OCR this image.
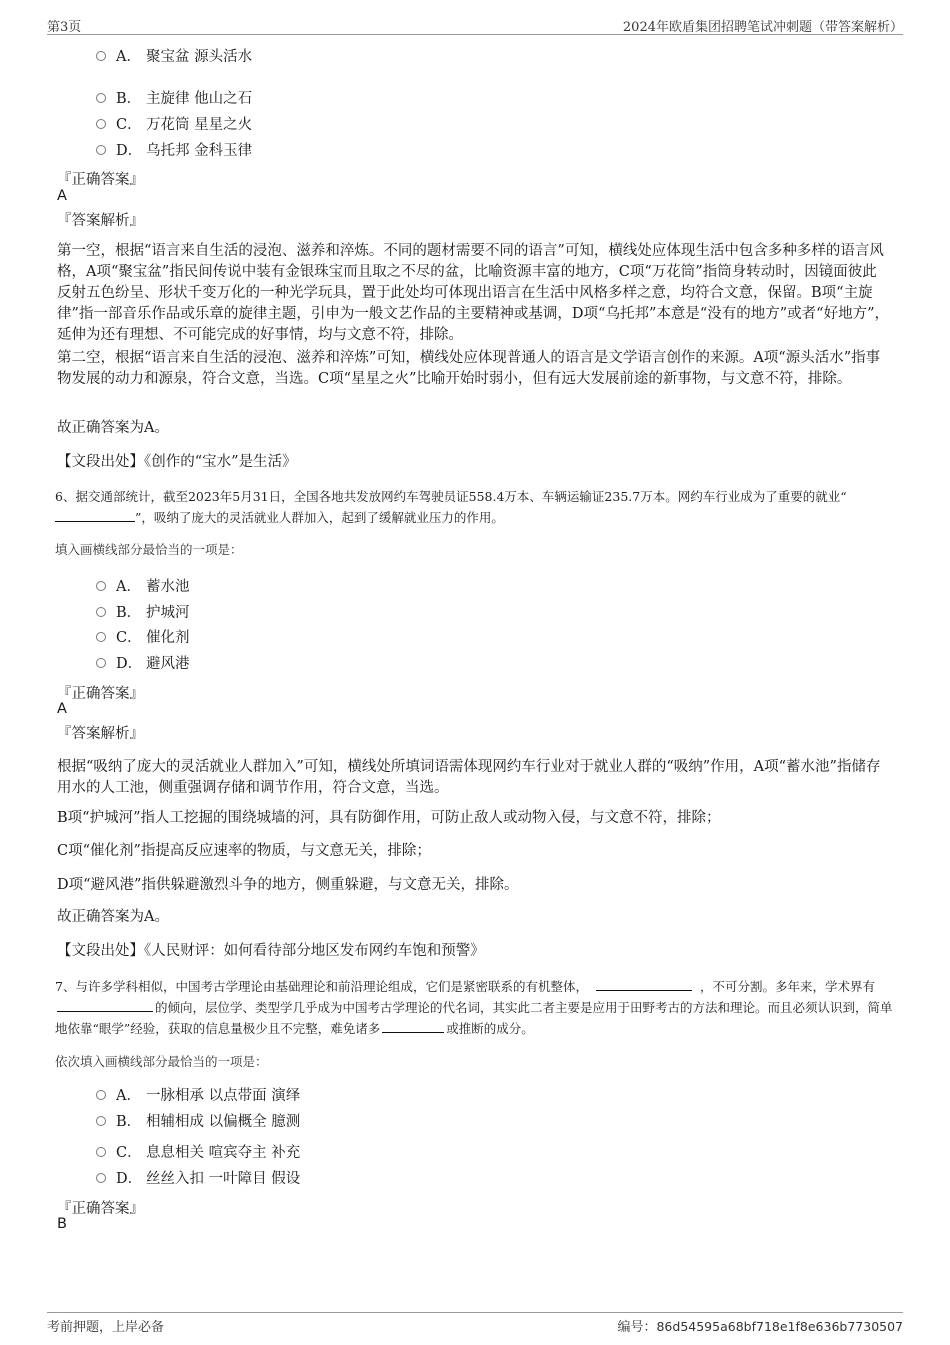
第3页	2024年欧盾集团招聘笔试冲刺题（带答案解析）
A． 聚宝盆 源头活水
B． 主旋律 他山之石
C． 万花筒 星星之火
D． 乌托邦 金科玉律
『正确答案』
A
『答案解析』
第一空，根据“语言来自生活的浸泡、滋养和淬炼。不同的题材需要不同的语言”可知，横线处应体现生活中包含多种多样的语言风格，A项“聚宝盆”指民间传说中装有金银珠宝而且取之不尽的盆，比喻资源丰富的地方，C项“万花筒”指筒身转动时，因镜面彼此反射五色纷呈、形状千变万化的一种光学玩具，置于此处均可体现出语言在生活中风格多样之意，均符合文意，保留。B项“主旋律”指一部音乐作品或乐章的旋律主题，引申为一般文艺作品的主要精神或基调，D项“乌托邦”本意是“没有的地方”或者“好地方”，延伸为还有理想、不可能完成的好事情，均与文意不符，排除。
第二空，根据“语言来自生活的浸泡、滋养和淬炼”可知，横线处应体现普通人的语言是文学语言创作的来源。A项“源头活水”指事物发展的动力和源泉，符合文意，当选。C项“星星之火”比喻开始时弱小，但有远大发展前途的新事物，与文意不符，排除。
故正确答案为A。
【文段出处】《创作的“宝水”是生活》
6、据交通部统计，截至2023年5月31日，全国各地共发放网约车驾驶员证558.4万本、车辆运输证235.7万本。网约车行业成为了重要的就业“
”，吸纳了庞大的灵活就业人群加入，起到了缓解就业压力的作用。
填入画横线部分最恰当的一项是：
A． 蓄水池
B． 护城河
C． 催化剂
D． 避风港
『正确答案』
A
『答案解析』
根据“吸纳了庞大的灵活就业人群加入”可知，横线处所填词语需体现网约车行业对于就业人群的“吸纳”作用，A项“蓄水池”指储存用水的人工池，侧重强调存储和调节作用，符合文意，当选。
B项“护城河”指人工挖掘的围绕城墙的河，具有防御作用，可防止敌人或动物入侵，与文意不符，排除；
C项“催化剂”指提高反应速率的物质，与文意无关，排除；
D项“避风港”指供躲避激烈斗争的地方，侧重躲避，与文意无关，排除。
故正确答案为A。
【文段出处】《人民财评：如何看待部分地区发布网约车饱和预警》
7、与许多学科相似，中国考古学理论由基础理论和前沿理论组成，它们是紧密联系的有机整体，	，不可分割。多年来，学术界有的倾向，层位学、类型学几乎成为中国考古学理论的代名词，其实此二者主要是应用于田野考古的方法和理论。而且必须认识到，简单地依靠“眼学”经验，获取的信息量极少且不完整，难免诸多	或推断的成分。
依次填入画横线部分最恰当的一项是：
A． 一脉相承 以点带面 演绎
B． 相辅相成 以偏概全 臆测
C． 息息相关 喧宾夺主 补充
D． 丝丝入扣 一叶障目 假设
『正确答案』
B
考前押题，上岸必备	编号：86d54595a68bf718e1f8e636b7730507
